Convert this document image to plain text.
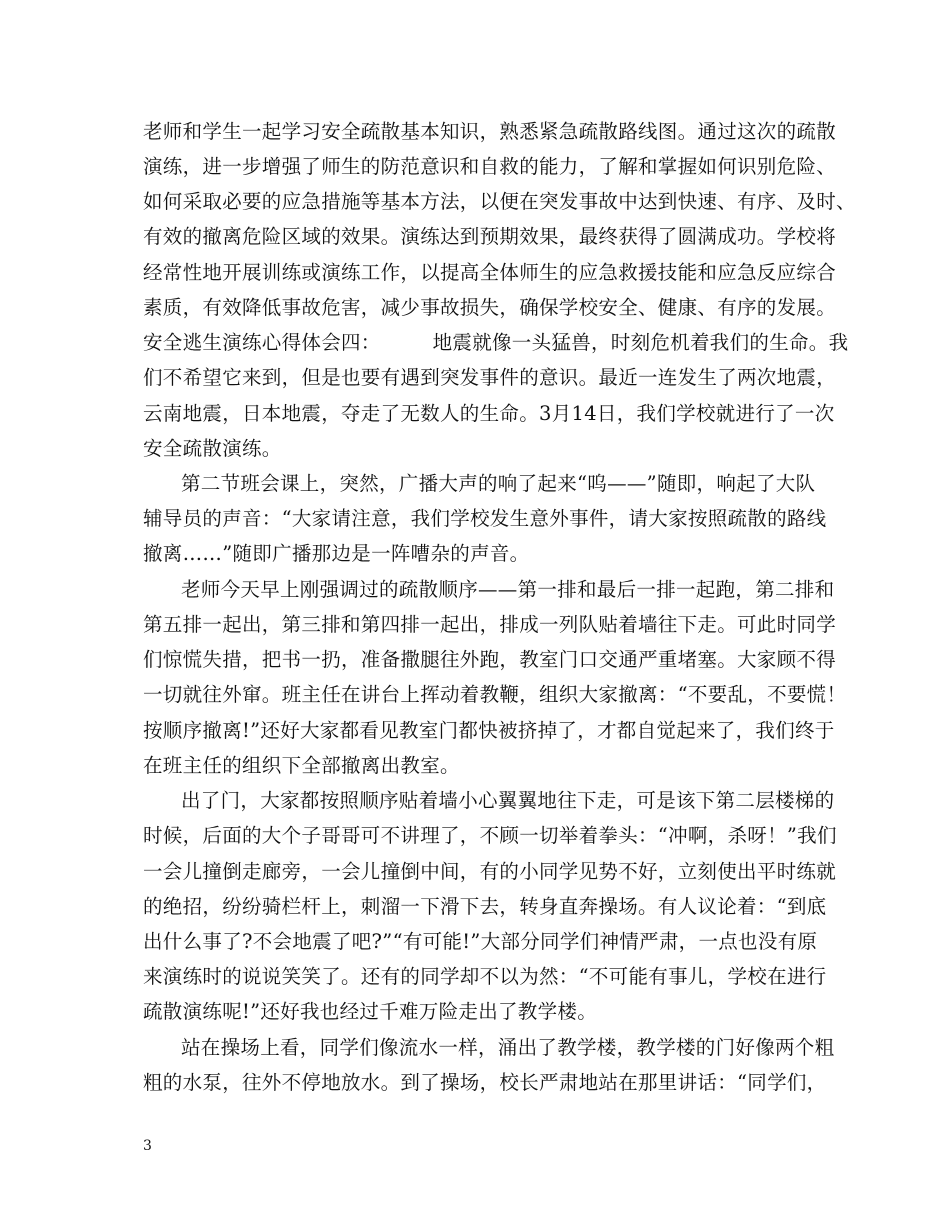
老师和学生一起学习安全疏散基本知识，熟悉紧急疏散路线图。通过这次的疏散
演练，进一步增强了师生的防范意识和自救的能力，了解和掌握如何识别危险、
如何采取必要的应急措施等基本方法，以便在突发事故中达到快速、有序、及时、
有效的撤离危险区域的效果。演练达到预期效果，最终获得了圆满成功。学校将
经常性地开展训练或演练工作，以提高全体师生的应急救援技能和应急反应综合
素质，有效降低事故危害，减少事故损失，确保学校安全、健康、有序的发展。
安全逃生演练心得体会四：	地震就像一头猛兽，时刻危机着我们的生命。我
们不希望它来到，但是也要有遇到突发事件的意识。最近一连发生了两次地震，
云南地震，日本地震，夺走了无数人的生命。3月14日，我们学校就进行了一次
安全疏散演练。
第二节班会课上，突然，广播大声的响了起来“呜——”随即，响起了大队
辅导员的声音：“大家请注意，我们学校发生意外事件，请大家按照疏散的路线
撤离……”随即广播那边是一阵嘈杂的声音。
老师今天早上刚强调过的疏散顺序——第一排和最后一排一起跑，第二排和
第五排一起出，第三排和第四排一起出，排成一列队贴着墙往下走。可此时同学
们惊慌失措，把书一扔，准备撒腿往外跑，教室门口交通严重堵塞。大家顾不得
一切就往外窜。班主任在讲台上挥动着教鞭，组织大家撤离：“不要乱，不要慌！
按顺序撤离!”还好大家都看见教室门都快被挤掉了，才都自觉起来了，我们终于
在班主任的组织下全部撤离出教室。
出了门，大家都按照顺序贴着墙小心翼翼地往下走，可是该下第二层楼梯的
时候，后面的大个子哥哥可不讲理了，不顾一切举着拳头：“冲啊，杀呀！”我们
一会儿撞倒走廊旁，一会儿撞倒中间，有的小同学见势不好，立刻使出平时练就
的绝招，纷纷骑栏杆上，刺溜一下滑下去，转身直奔操场。有人议论着：“到底
出什么事了?不会地震了吧?”“有可能!”大部分同学们神情严肃，一点也没有原
来演练时的说说笑笑了。还有的同学却不以为然：“不可能有事儿，学校在进行
疏散演练呢!”还好我也经过千难万险走出了教学楼。
站在操场上看，同学们像流水一样，涌出了教学楼，教学楼的门好像两个粗
粗的水泵，往外不停地放水。到了操场，校长严肃地站在那里讲话：“同学们，
3
